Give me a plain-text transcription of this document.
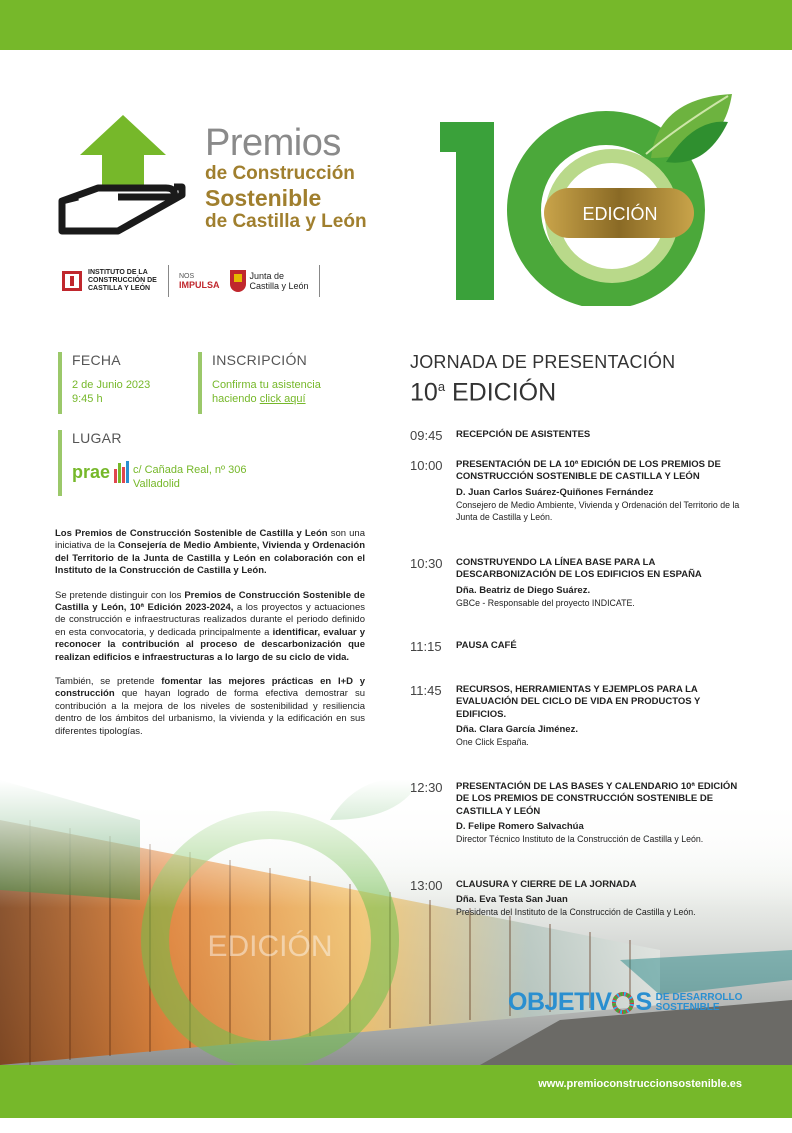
Premios
de Construcción
Sostenible
de Castilla y León
INSTITUTO DE LA CONSTRUCCIÓN DE CASTILLA Y LEÓN
NOS
IMPULSA
Junta de
Castilla y León
EDICIÓN
FECHA
2 de Junio 2023
9:45 h
INSCRIPCIÓN
Confirma tu asistencia
haciendo click aquí
LUGAR
prae c/ Cañada Real, nº 306
Valladolid

Los Premios de Construcción Sostenible de Castilla y León son una iniciativa de la Consejería de Medio Ambiente, Vivienda y Ordenación del Territorio de la Junta de Castilla y León en colaboración con el Instituto de la Construcción de Castilla y León.

Se pretende distinguir con los Premios de Construcción Sostenible de Castilla y León, 10ª Edición 2023-2024, a los proyectos y actuaciones de construcción e infraestructuras realizados durante el periodo definido en esta convocatoria, y dedicada principalmente a identificar, evaluar y reconocer la contribución al proceso de descarbonización que realizan edificios e infraestructuras a lo largo de su ciclo de vida.

También, se pretende fomentar las mejores prácticas en I+D y construcción que hayan logrado de forma efectiva demostrar su contribución a la mejora de los niveles de sostenibilidad y resiliencia dentro de los ámbitos del urbanismo, la vivienda y la edificación en sus diferentes tipologías.

EDICIÓN
JORNADA DE PRESENTACIÓN
10$^a$ EDICIÓN
09:45 RECEPCIÓN DE ASISTENTES
10:00 PRESENTACIÓN DE LA 10ª EDICIÓN DE LOS PREMIOS DE CONSTRUCCIÓN SOSTENIBLE DE CASTILLA Y LEÓN
D. Juan Carlos Suárez-Quiñones Fernández
Consejero de Medio Ambiente, Vivienda y Ordenación del Territorio de la Junta de Castilla y León.
10:30 CONSTRUYENDO LA LÍNEA BASE PARA LA DESCARBONIZACIÓN DE LOS EDIFICIOS EN ESPAÑA
Dña. Beatriz de Diego Suárez.
GBCe - Responsable del proyecto INDICATE.
11:15 PAUSA CAFÉ
11:45 RECURSOS, HERRAMIENTAS Y EJEMPLOS PARA LA EVALUACIÓN DEL CICLO DE VIDA EN PRODUCTOS Y EDIFICIOS.
Dña. Clara García Jiménez.
One Click España.
12:30 PRESENTACIÓN DE LAS BASES Y CALENDARIO 10ª EDICIÓN DE LOS PREMIOS DE CONSTRUCCIÓN SOSTENIBLE DE CASTILLA Y LEÓN
D. Felipe Romero Salvachúa
Director Técnico Instituto de la Construcción de Castilla y León.
13:00 CLAUSURA Y CIERRE DE LA JORNADA
Dña. Eva Testa San Juan
Presidenta del Instituto de la Construcción de Castilla y León.
OBJETIV S DE DESARROLLO
SOSTENIBLE
www.premioconstruccionsostenible.es
